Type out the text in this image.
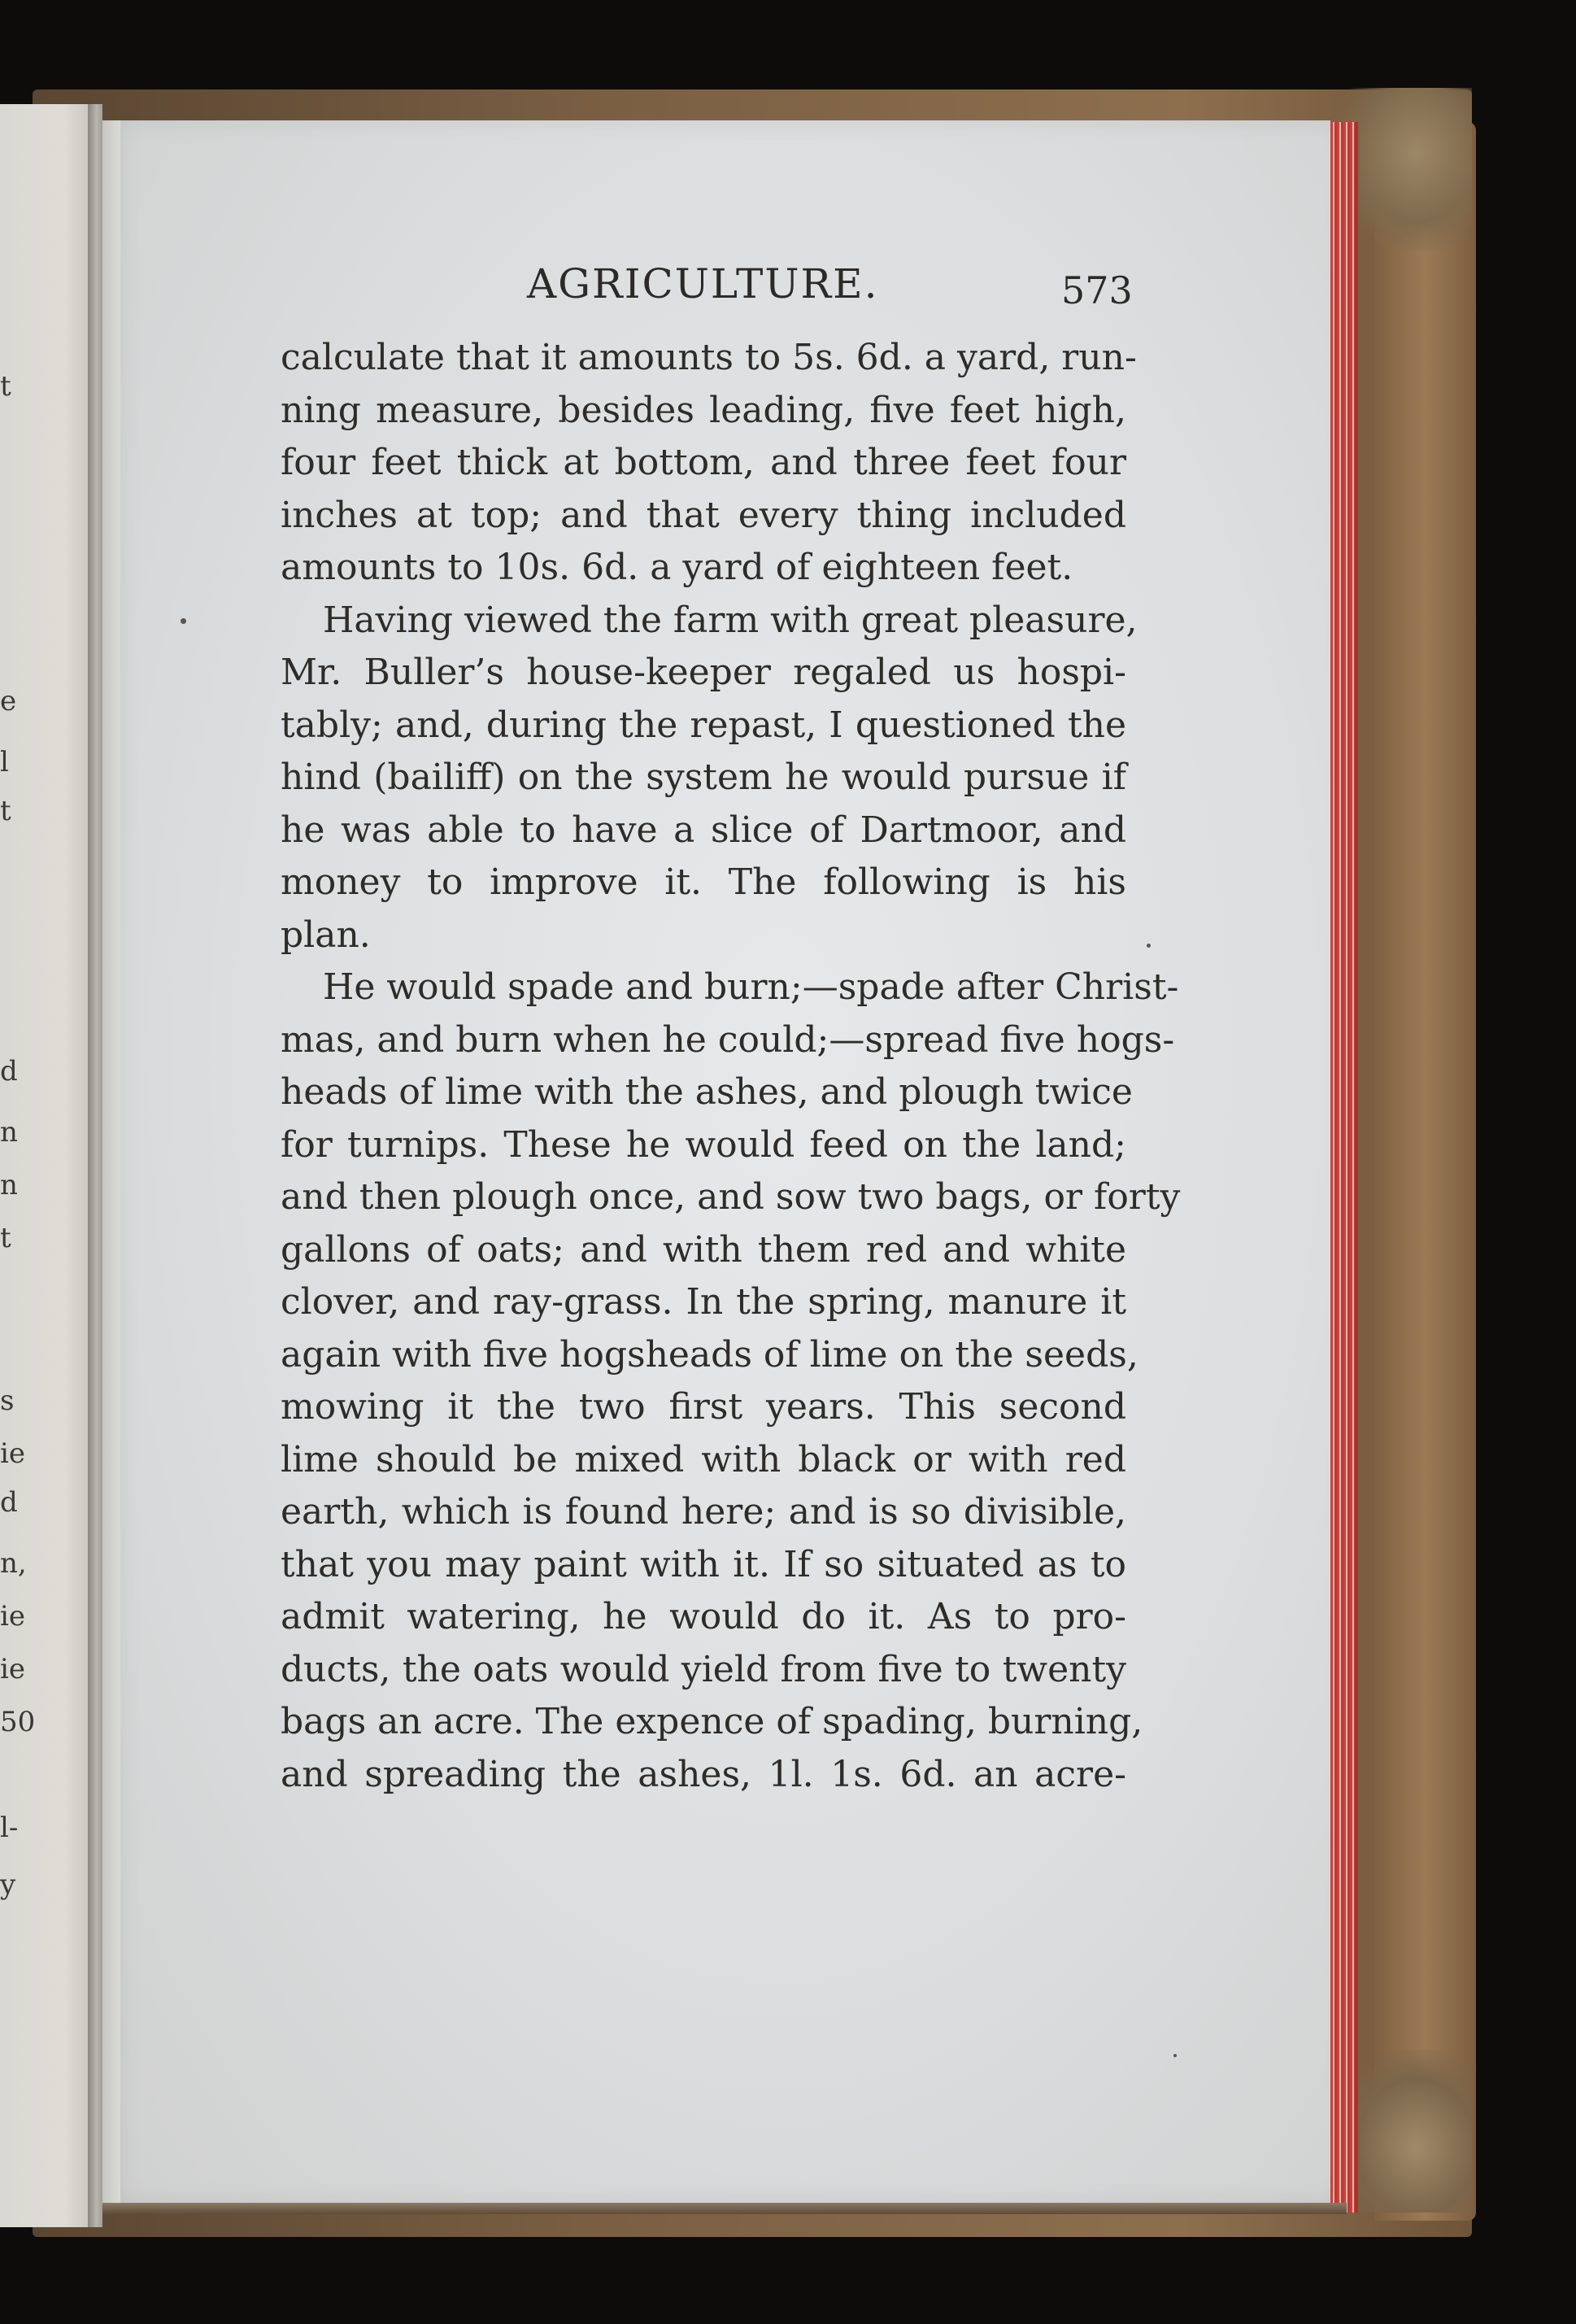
t
e
l
t
d
n
n
t
s
ie
d
n,
ie
ie
50
l-
y
AGRICULTURE.	573
calculate that it amounts to 5s. 6d. a yard, run-
ning measure, besides leading, five feet high,
four feet thick at bottom, and three feet four
inches at top; and that every thing included
amounts to 10s. 6d. a yard of eighteen feet.
Having viewed the farm with great pleasure,
Mr. Buller’s house-keeper regaled us hospi-
tably; and, during the repast, I questioned the
hind (bailiff) on the system he would pursue if
he was able to have a slice of Dartmoor, and
money to improve it. The following is his
plan.
He would spade and burn;—spade after Christ-
mas, and burn when he could;—spread five hogs-
heads of lime with the ashes, and plough twice
for turnips. These he would feed on the land;
and then plough once, and sow two bags, or forty
gallons of oats; and with them red and white
clover, and ray-grass. In the spring, manure it
again with five hogsheads of lime on the seeds,
mowing it the two first years. This second
lime should be mixed with black or with red
earth, which is found here; and is so divisible,
that you may paint with it. If so situated as to
admit watering, he would do it. As to pro-
ducts, the oats would yield from five to twenty
bags an acre. The expence of spading, burning,
and spreading the ashes, 1l. 1s. 6d. an acre-
